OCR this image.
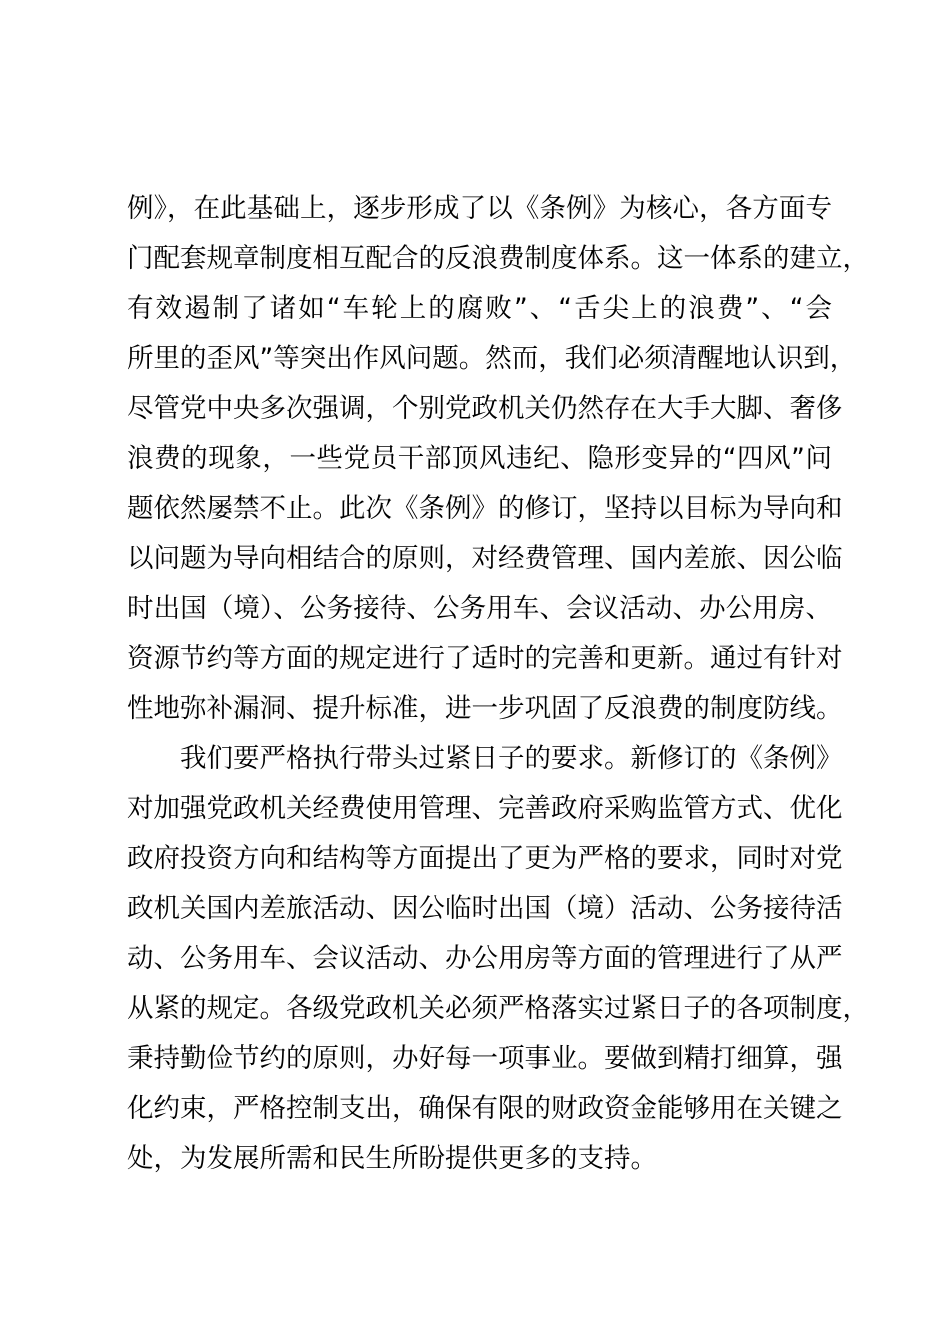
例》，在此基础上，逐步形成了以《条例》为核心，各方面专
门配套规章制度相互配合的反浪费制度体系。这一体系的建立，
有效遏制了诸如“车轮上的腐败”、“舌尖上的浪费”、“会
所里的歪风”等突出作风问题。然而，我们必须清醒地认识到，
尽管党中央多次强调，个别党政机关仍然存在大手大脚、奢侈
浪费的现象，一些党员干部顶风违纪、隐形变异的“四风”问
题依然屡禁不止。此次《条例》的修订，坚持以目标为导向和
以问题为导向相结合的原则，对经费管理、国内差旅、因公临
时出国（境）、公务接待、公务用车、会议活动、办公用房、
资源节约等方面的规定进行了适时的完善和更新。通过有针对
性地弥补漏洞、提升标准，进一步巩固了反浪费的制度防线。
我们要严格执行带头过紧日子的要求。新修订的《条例》
对加强党政机关经费使用管理、完善政府采购监管方式、优化
政府投资方向和结构等方面提出了更为严格的要求，同时对党
政机关国内差旅活动、因公临时出国（境）活动、公务接待活
动、公务用车、会议活动、办公用房等方面的管理进行了从严
从紧的规定。各级党政机关必须严格落实过紧日子的各项制度，
秉持勤俭节约的原则，办好每一项事业。要做到精打细算，强
化约束，严格控制支出，确保有限的财政资金能够用在关键之
处，为发展所需和民生所盼提供更多的支持。
